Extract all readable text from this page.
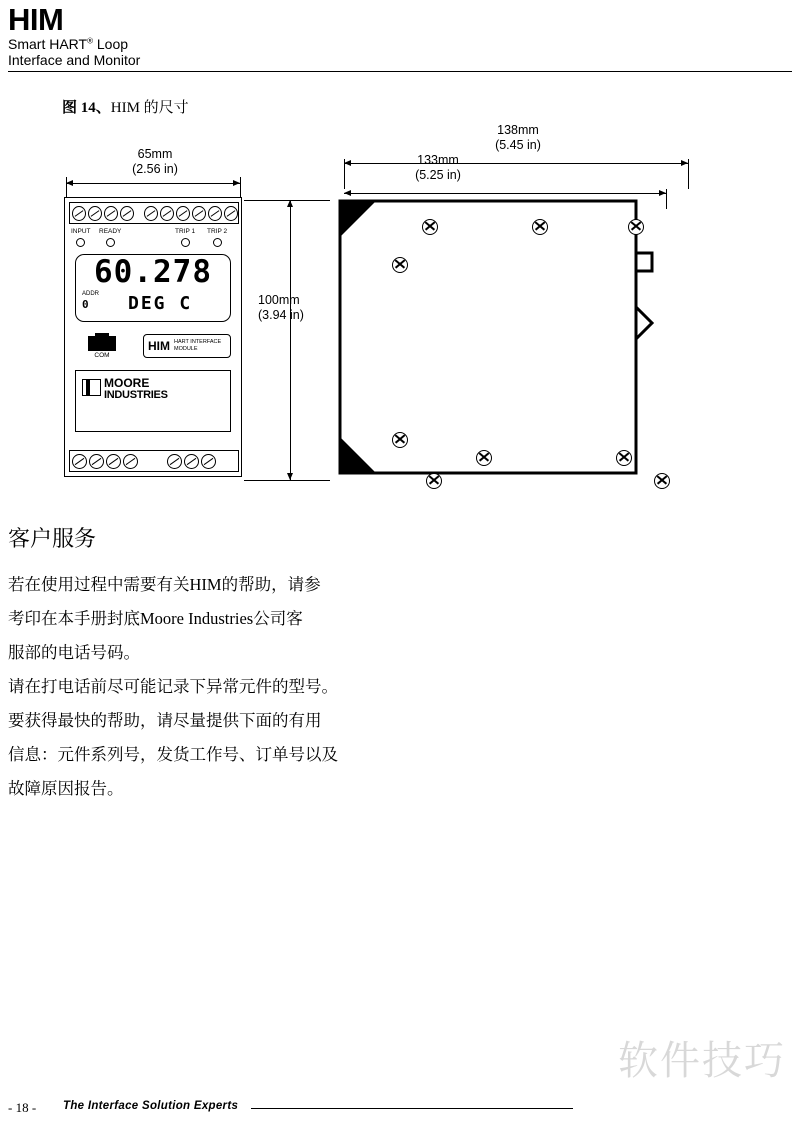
HIM
Smart HART® Loop
Interface and Monitor
图 14、HIM 的尺寸
65mm
(2.56 in)
100mm
(3.94 in)
138mm
(5.45 in)
133mm
(5.25 in)
INPUT READY	TRIP 1 TRIP 2
60.278
ADDR
0 DEG C
COM
HIM HART INTERFACE
MODULE
MOORE
INDUSTRIES
客户服务

若在使用过程中需要有关HIM的帮助，请参

考印在本手册封底Moore Industries公司客

服部的电话号码。

请在打电话前尽可能记录下异常元件的型号。

要获得最快的帮助，请尽量提供下面的有用

信息：元件系列号，发货工作号、订单号以及

故障原因报告。

软件技巧
- 18 - The Interface Solution Experts
